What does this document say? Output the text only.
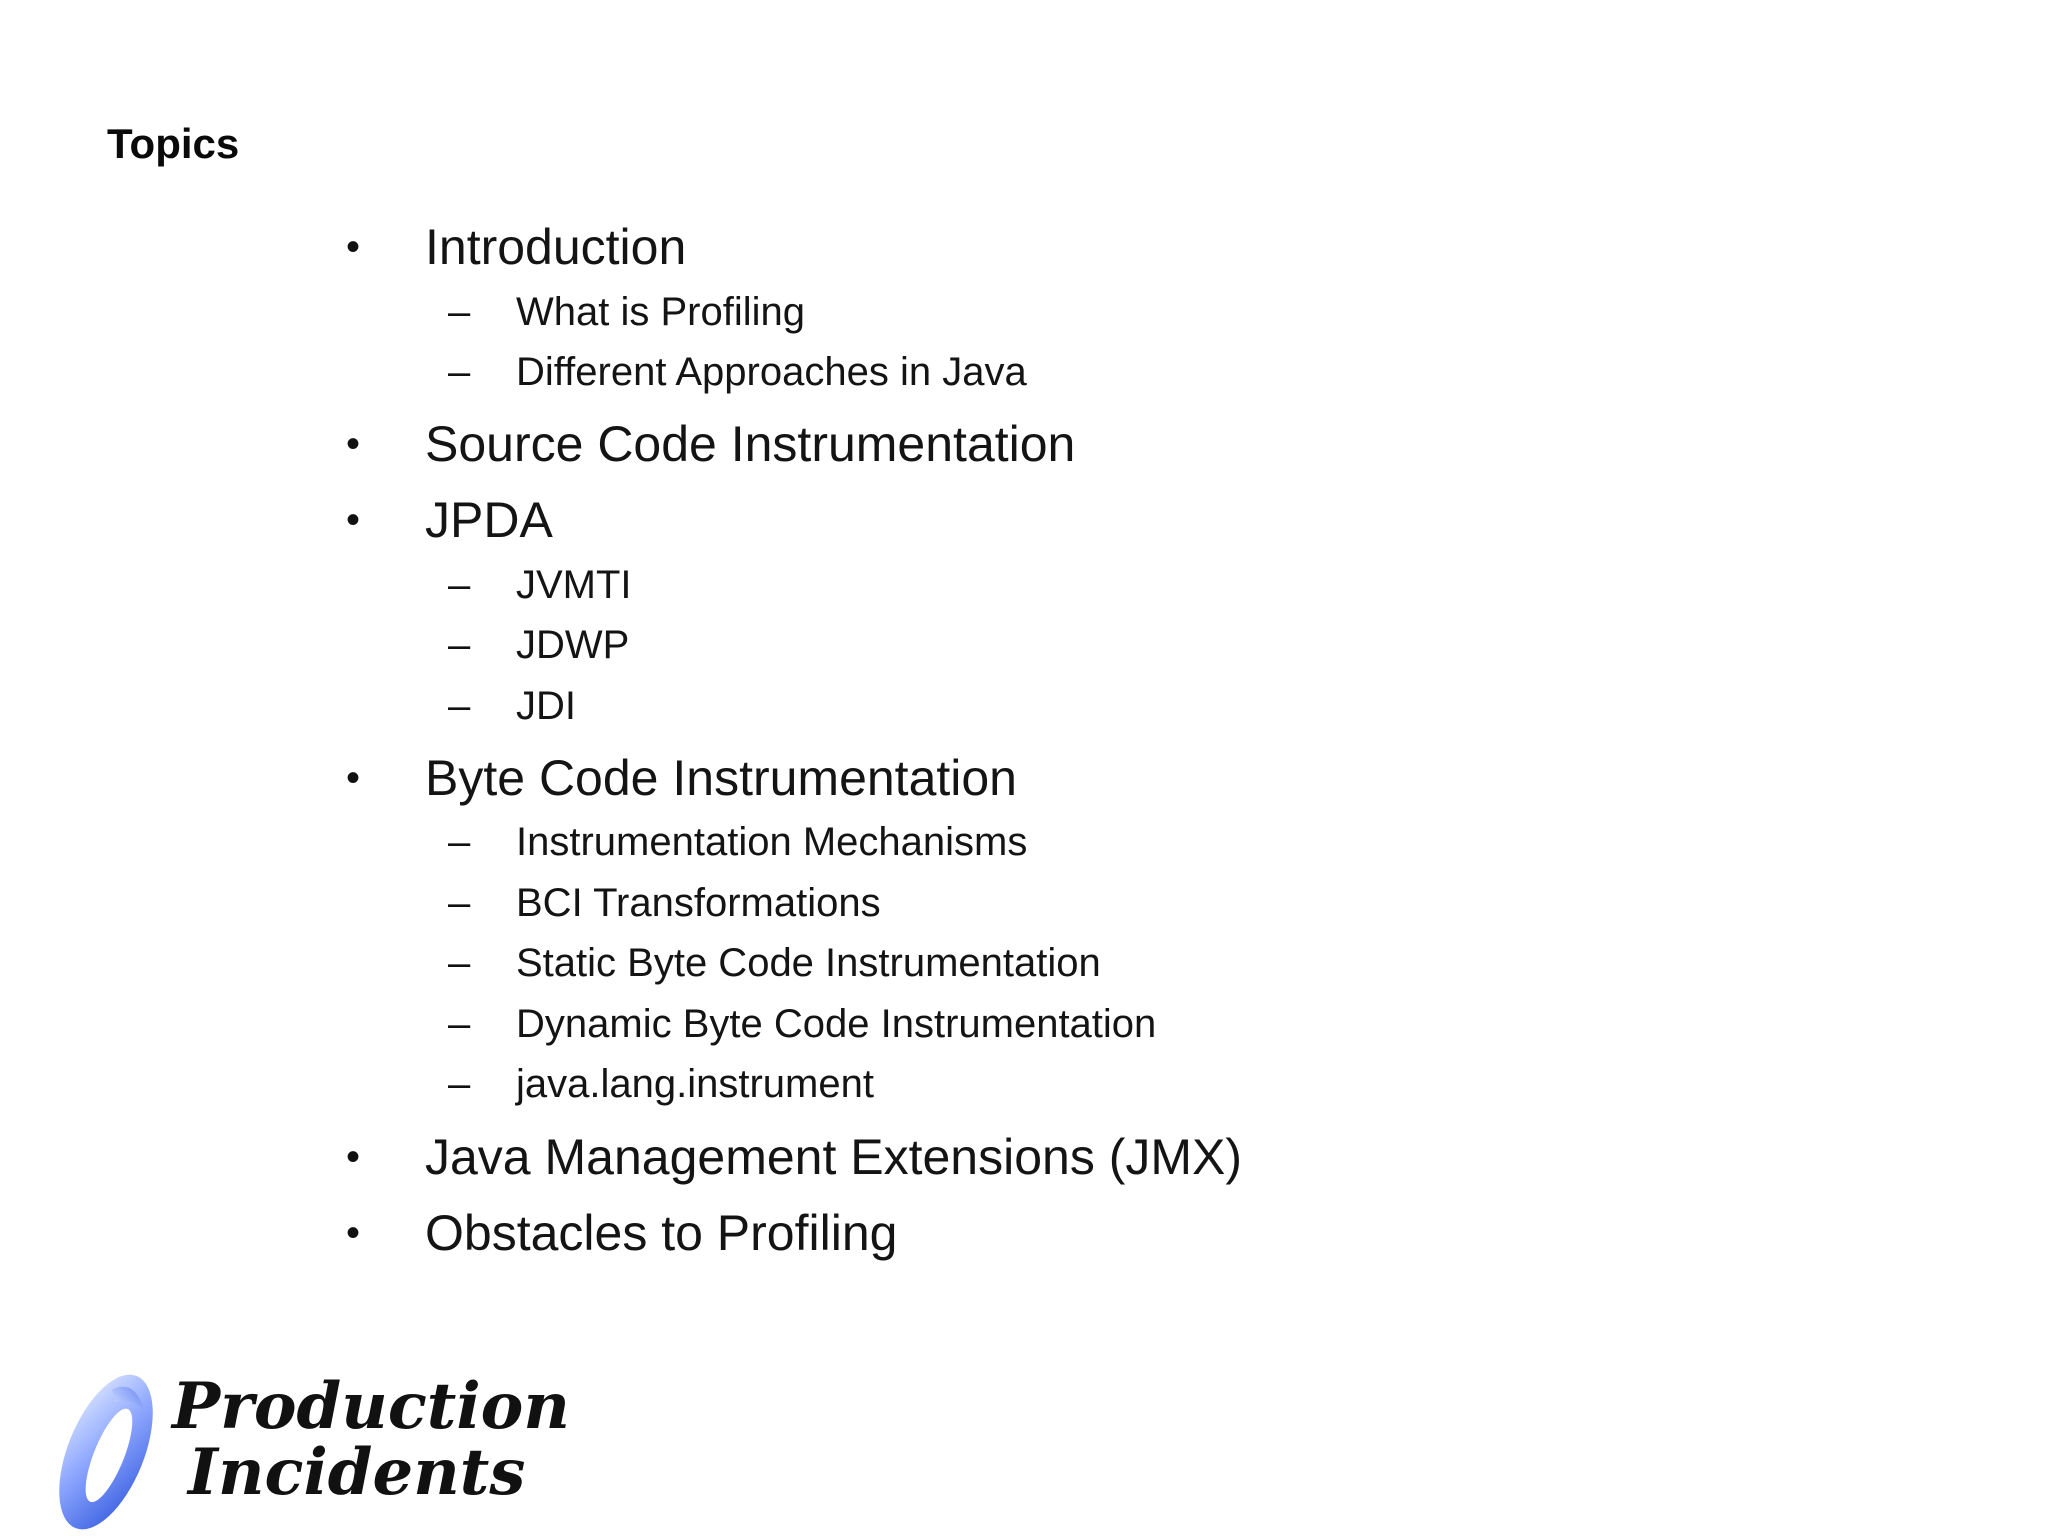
Topics
• Introduction
– What is Profiling
– Different Approaches in Java
• Source Code Instrumentation
• JPDA
– JVMTI
– JDWP
– JDI
• Byte Code Instrumentation
– Instrumentation Mechanisms
– BCI Transformations
– Static Byte Code Instrumentation
– Dynamic Byte Code Instrumentation
– java.lang.instrument
• Java Management Extensions (JMX)
• Obstacles to Profiling
Production
Incidents
